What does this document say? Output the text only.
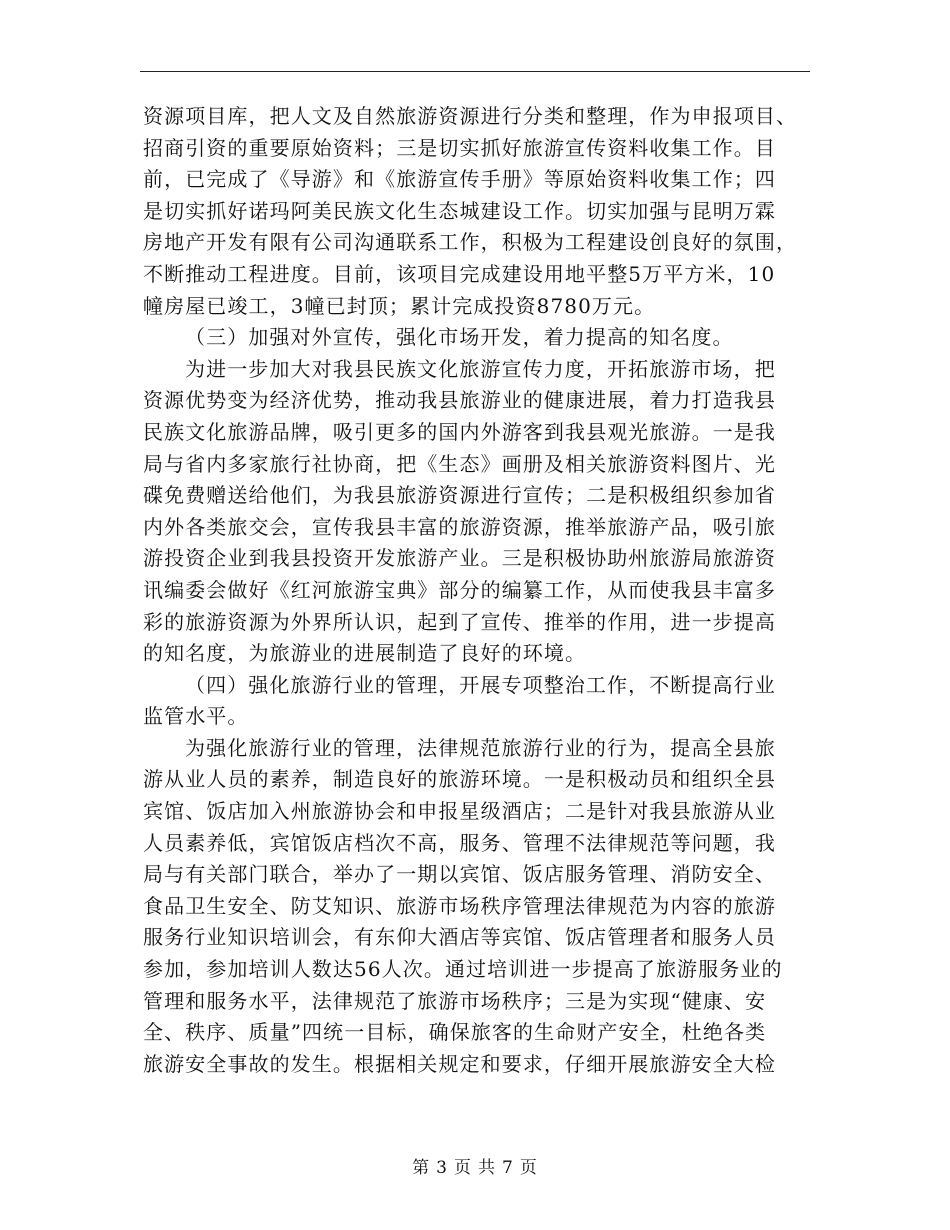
资源项目库，把人文及自然旅游资源进行分类和整理，作为申报项目、
招商引资的重要原始资料；三是切实抓好旅游宣传资料收集工作。目
前，已完成了《导游》和《旅游宣传手册》等原始资料收集工作；四
是切实抓好诺玛阿美民族文化生态城建设工作。切实加强与昆明万霖
房地产开发有限有公司沟通联系工作，积极为工程建设创良好的氛围，
不断推动工程进度。目前，该项目完成建设用地平整5万平方米，10
幢房屋已竣工，3幢已封顶；累计完成投资8780万元。
（三）加强对外宣传，强化市场开发，着力提高的知名度。
为进一步加大对我县民族文化旅游宣传力度，开拓旅游市场，把
资源优势变为经济优势，推动我县旅游业的健康进展，着力打造我县
民族文化旅游品牌，吸引更多的国内外游客到我县观光旅游。一是我
局与省内多家旅行社协商，把《生态》画册及相关旅游资料图片、光
碟免费赠送给他们，为我县旅游资源进行宣传；二是积极组织参加省
内外各类旅交会，宣传我县丰富的旅游资源，推举旅游产品，吸引旅
游投资企业到我县投资开发旅游产业。三是积极协助州旅游局旅游资
讯编委会做好《红河旅游宝典》部分的编纂工作，从而使我县丰富多
彩的旅游资源为外界所认识，起到了宣传、推举的作用，进一步提高
的知名度，为旅游业的进展制造了良好的环境。
（四）强化旅游行业的管理，开展专项整治工作，不断提高行业
监管水平。
为强化旅游行业的管理，法律规范旅游行业的行为，提高全县旅
游从业人员的素养，制造良好的旅游环境。一是积极动员和组织全县
宾馆、饭店加入州旅游协会和申报星级酒店；二是针对我县旅游从业
人员素养低，宾馆饭店档次不高，服务、管理不法律规范等问题，我
局与有关部门联合，举办了一期以宾馆、饭店服务管理、消防安全、
食品卫生安全、防艾知识、旅游市场秩序管理法律规范为内容的旅游
服务行业知识培训会，有东仰大酒店等宾馆、饭店管理者和服务人员
参加，参加培训人数达56人次。通过培训进一步提高了旅游服务业的
管理和服务水平，法律规范了旅游市场秩序；三是为实现“健康、安
全、秩序、质量”四统一目标，确保旅客的生命财产安全，杜绝各类
旅游安全事故的发生。根据相关规定和要求，仔细开展旅游安全大检
第 3 页 共 7 页
